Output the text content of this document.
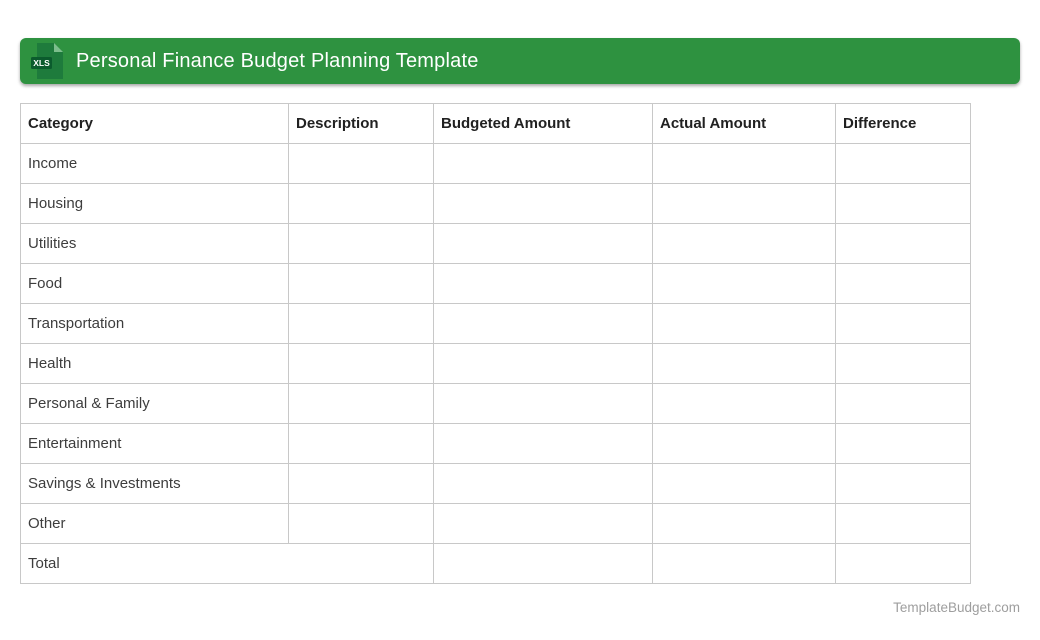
XLS Personal Finance Budget Planning Template
Category	Description	Budgeted Amount	Actual Amount	Difference
Income				
Housing				
Utilities				
Food				
Transportation				
Health				
Personal & Family				
Entertainment				
Savings & Investments				
Other				
Total				
TemplateBudget.com
